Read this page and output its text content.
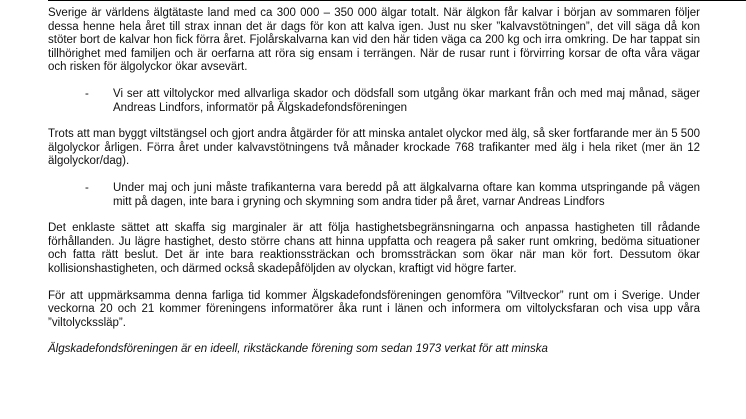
Sverige är världens älgtätaste land med ca 300 000 – 350 000 älgar totalt. När älgkon får kalvar i början av sommaren följer dessa henne hela året till strax innan det är dags för kon att kalva igen. Just nu sker ”kalvavstötningen”, det vill säga då kon stöter bort de kalvar hon fick förra året. Fjolårskalvarna kan vid den här tiden väga ca 200 kg och irra omkring. De har tappat sin tillhörighet med familjen och är oerfarna att röra sig ensam i terrängen. När de rusar runt i förvirring korsar de ofta våra vägar och risken för älgolyckor ökar avsevärt.

-	Vi ser att viltolyckor med allvarliga skador och dödsfall som utgång ökar markant från och med maj månad, säger Andreas Lindfors, informatör på Älgskadefondsföreningen

Trots att man byggt viltstängsel och gjort andra åtgärder för att minska antalet olyckor med älg, så sker fortfarande mer än 5 500 älgolyckor årligen. Förra året under kalvavstötningens två månader krockade 768 trafikanter med älg i hela riket (mer än 12 älgolyckor/dag).

-	Under maj och juni måste trafikanterna vara beredd på att älgkalvarna oftare kan komma utspringande på vägen mitt på dagen, inte bara i gryning och skymning som andra tider på året, varnar Andreas Lindfors

Det enklaste sättet att skaffa sig marginaler är att följa hastighetsbegränsningarna och anpassa hastigheten till rådande förhållanden. Ju lägre hastighet, desto större chans att hinna uppfatta och reagera på saker runt omkring, bedöma situationer och fatta rätt beslut. Det är inte bara reaktionssträckan och bromssträckan som ökar när man kör fort. Dessutom ökar kollisionshastigheten, och därmed också skadepåföljden av olyckan, kraftigt vid högre farter.

För att uppmärksamma denna farliga tid kommer Älgskadefondsföreningen genomföra ”Viltveckor” runt om i Sverige. Under veckorna 20 och 21 kommer föreningens informatörer åka runt i länen och informera om viltolycksfaran och visa upp våra ”viltolyckssläp”.

Älgskadefondsföreningen är en ideell, rikstäckande förening som sedan 1973 verkat för att minska
